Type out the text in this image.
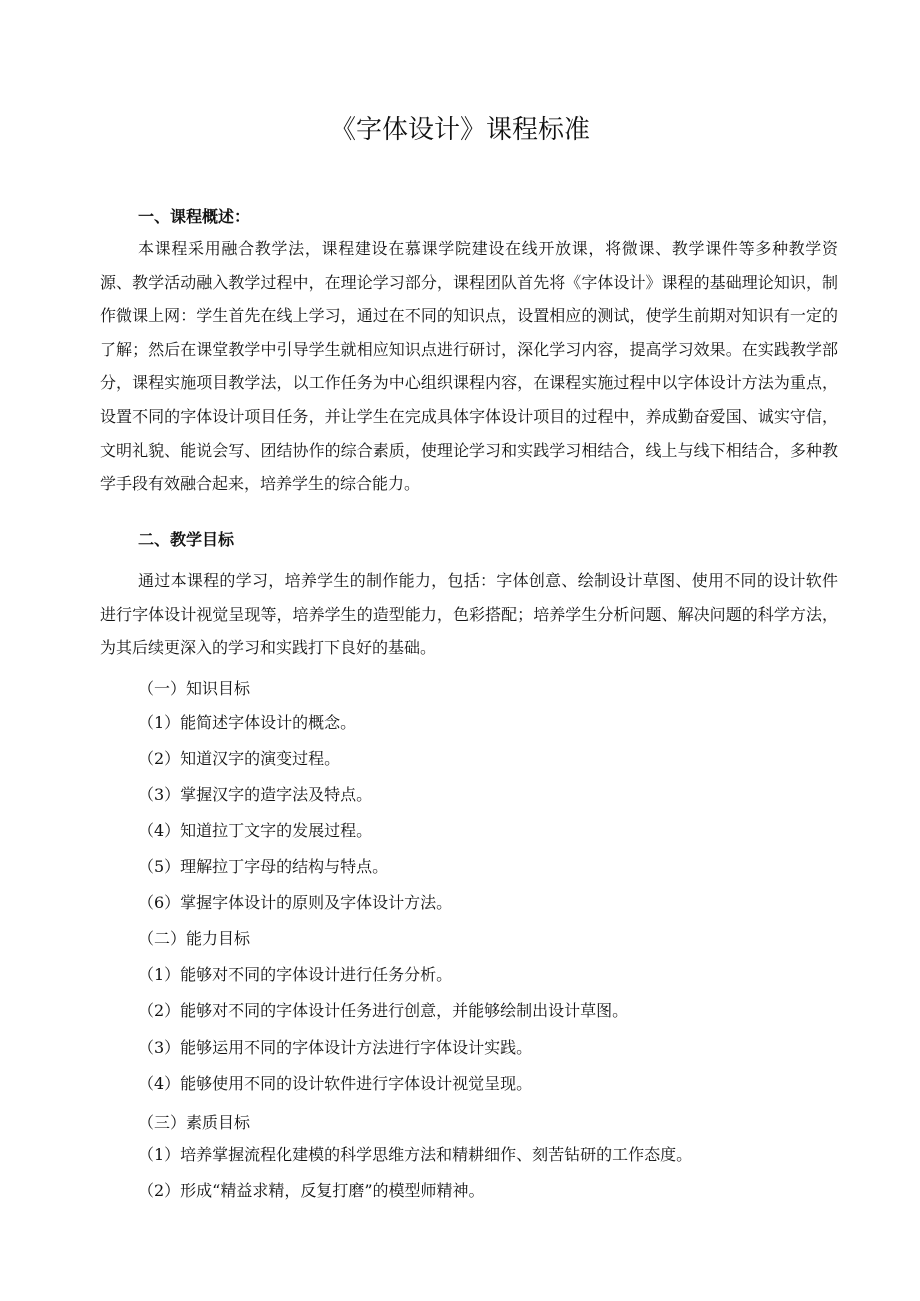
《字体设计》课程标准
一、课程概述：

本课程采用融合教学法，课程建设在慕课学院建设在线开放课，将微课、教学课件等多种教学资源、教学活动融入教学过程中，在理论学习部分，课程团队首先将《字体设计》课程的基础理论知识，制作微课上网：学生首先在线上学习，通过在不同的知识点，设置相应的测试，使学生前期对知识有一定的了解；然后在课堂教学中引导学生就相应知识点进行研讨，深化学习内容，提高学习效果。在实践教学部分，课程实施项目教学法，以工作任务为中心组织课程内容，在课程实施过程中以字体设计方法为重点，设置不同的字体设计项目任务，并让学生在完成具体字体设计项目的过程中，养成勤奋爱国、诚实守信，文明礼貌、能说会写、团结协作的综合素质，使理论学习和实践学习相结合，线上与线下相结合，多种教学手段有效融合起来，培养学生的综合能力。

二、教学目标

通过本课程的学习，培养学生的制作能力，包括：字体创意、绘制设计草图、使用不同的设计软件进行字体设计视觉呈现等，培养学生的造型能力，色彩搭配；培养学生分析问题、解决问题的科学方法，为其后续更深入的学习和实践打下良好的基础。

（一）知识目标

（1）能简述字体设计的概念。

（2）知道汉字的演变过程。

（3）掌握汉字的造字法及特点。

（4）知道拉丁文字的发展过程。

（5）理解拉丁字母的结构与特点。

（6）掌握字体设计的原则及字体设计方法。

（二）能力目标

（1）能够对不同的字体设计进行任务分析。

（2）能够对不同的字体设计任务进行创意，并能够绘制出设计草图。

（3）能够运用不同的字体设计方法进行字体设计实践。

（4）能够使用不同的设计软件进行字体设计视觉呈现。

（三）素质目标

（1）培养掌握流程化建模的科学思维方法和精耕细作、刻苦钻研的工作态度。

（2）形成“精益求精，反复打磨”的模型师精神。
